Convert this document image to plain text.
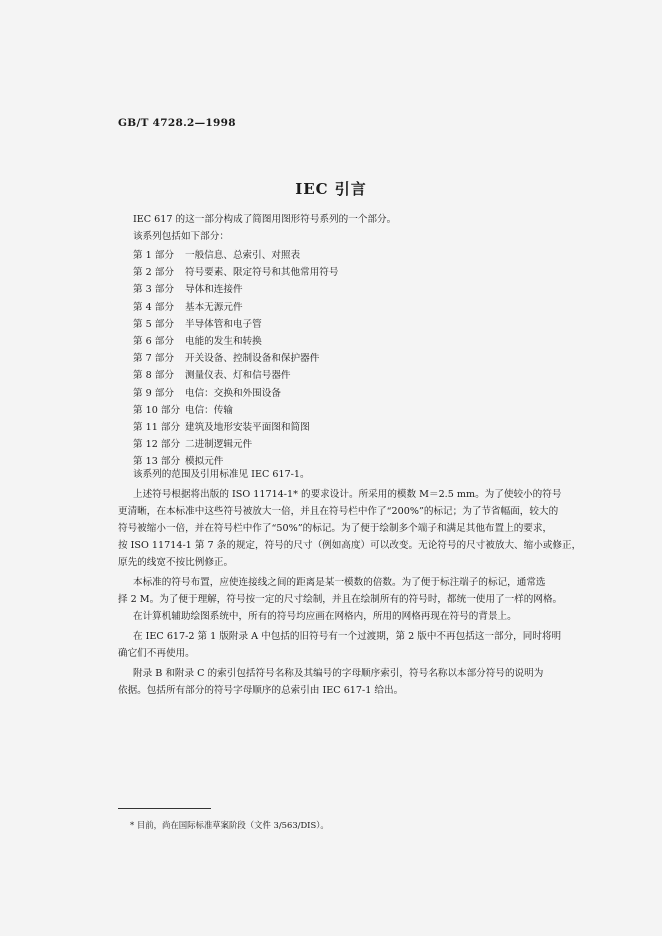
GB/T 4728.2—1998
IEC 引言
IEC 617 的这一部分构成了简图用图形符号系列的一个部分。
该系列包括如下部分：
第 1 部分 一般信息、总索引、对照表
第 2 部分 符号要素、限定符号和其他常用符号
第 3 部分 导体和连接件
第 4 部分 基本无源元件
第 5 部分 半导体管和电子管
第 6 部分 电能的发生和转换
第 7 部分 开关设备、控制设备和保护器件
第 8 部分 测量仪表、灯和信号器件
第 9 部分 电信：交换和外围设备
第 10 部分 电信：传输
第 11 部分 建筑及地形安装平面图和简图
第 12 部分 二进制逻辑元件
第 13 部分 模拟元件
该系列的范围及引用标准见 IEC 617-1。
上述符号根据将出版的 ISO 11714-1* 的要求设计。所采用的模数 M＝2.5 mm。为了使较小的符号
更清晰，在本标准中这些符号被放大一倍，并且在符号栏中作了“200%”的标记；为了节省幅面，较大的
符号被缩小一倍，并在符号栏中作了“50%”的标记。为了便于绘制多个端子和满足其他布置上的要求，
按 ISO 11714-1 第 7 条的规定，符号的尺寸（例如高度）可以改变。无论符号的尺寸被放大、缩小或修正，
原先的线宽不按比例修正。
本标准的符号布置，应使连接线之间的距离是某一模数的倍数。为了便于标注端子的标记，通常选
择 2 M。为了便于理解，符号按一定的尺寸绘制，并且在绘制所有的符号时，都统一使用了一样的网格。
在计算机辅助绘图系统中，所有的符号均应画在网格内，所用的网格再现在符号的背景上。
在 IEC 617-2 第 1 版附录 A 中包括的旧符号有一个过渡期，第 2 版中不再包括这一部分，同时将明
确它们不再使用。
附录 B 和附录 C 的索引包括符号名称及其编号的字母顺序索引，符号名称以本部分符号的说明为
依据。包括所有部分的符号字母顺序的总索引由 IEC 617-1 给出。
* 目前，尚在国际标准草案阶段（文件 3/563/DIS）。
